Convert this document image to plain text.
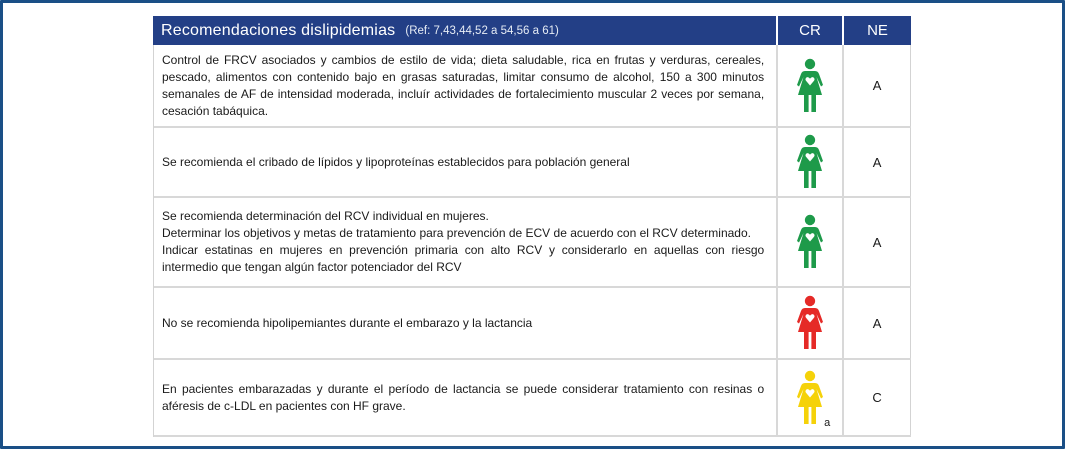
Recomendaciones dislipidemias (Ref: 7,43,44,52 a 54,56 a 61)	CR	NE
Control de FRCV asociados y cambios de estilo de vida; dieta saludable, rica en frutas y verduras, cereales, pescado, alimentos con contenido bajo en grasas saturadas, limitar consumo de alcohol, 150 a 300 minutos semanales de AF de intensidad moderada, incluír actividades de fortalecimiento muscular 2 veces por semana, cesación tabáquica.
A
Se recomienda el cribado de lípidos y lipoproteínas establecidos para población general	A
Se recomienda determinación del RCV individual en mujeres.
Determinar los objetivos y metas de tratamiento para prevención de ECV de acuerdo con el RCV determinado.
Indicar estatinas en mujeres en prevención primaria con alto RCV y considerarlo en aquellas con riesgo intermedio que tengan algún factor potenciador del RCV
A
No se recomienda hipolipemiantes durante el embarazo y la lactancia	A
En pacientes embarazadas y durante el período de lactancia se puede considerar tratamiento con resinas o aféresis de c-LDL en pacientes con HF grave.
a
C
